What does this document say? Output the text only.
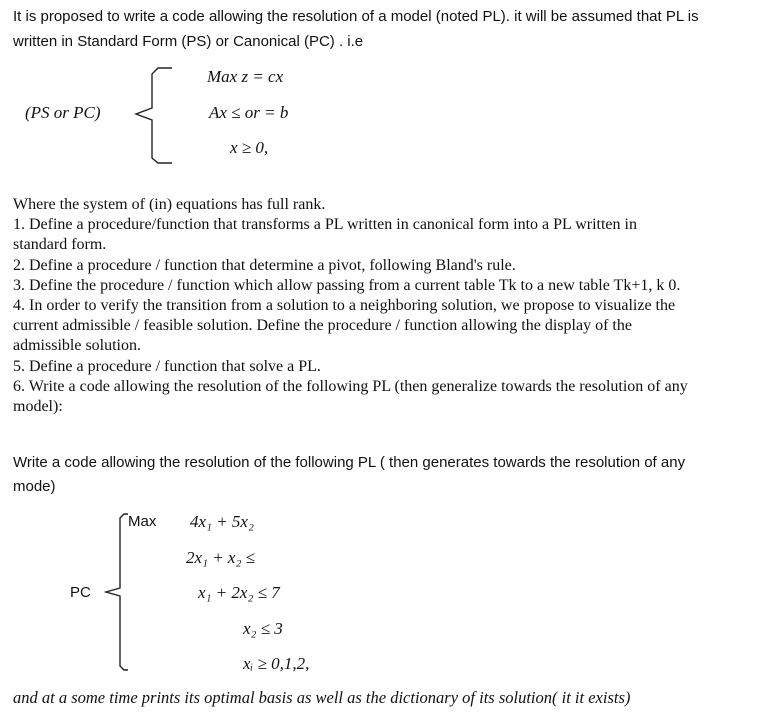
It is proposed to write a code allowing the resolution of a model (noted PL). it will be assumed that PL is
written in Standard Form (PS) or Canonical (PC) . i.e
(PS or PC)
Max z = cx
Ax ≤ or = b
x ≥ 0,

Where the system of (in) equations has full rank.

1. Define a procedure/function that transforms a PL written in canonical form into a PL written in

standard form.

2. Define a procedure / function that determine a pivot, following Bland's rule.

3. Define the procedure / function which allow passing from a current table Tk to a new table Tk+1, k 0.

4. In order to verify the transition from a solution to a neighboring solution, we propose to visualize the

current admissible / feasible solution. Define the procedure / function allowing the display of the

admissible solution.

5. Define a procedure / function that solve a PL.

6. Write a code allowing the resolution of the following PL (then generalize towards the resolution of any

model):

Write a code allowing the resolution of the following PL ( then generates towards the resolution of any
mode)
PC
Max 4x₁ + 5x₂
2x₁ + x₂ ≤
x₁ + 2x₂ ≤ 7
x₂ ≤ 3
xᵢ ≥ 0,1,2,
and at a some time prints its optimal basis as well as the dictionary of its solution( it it exists)
